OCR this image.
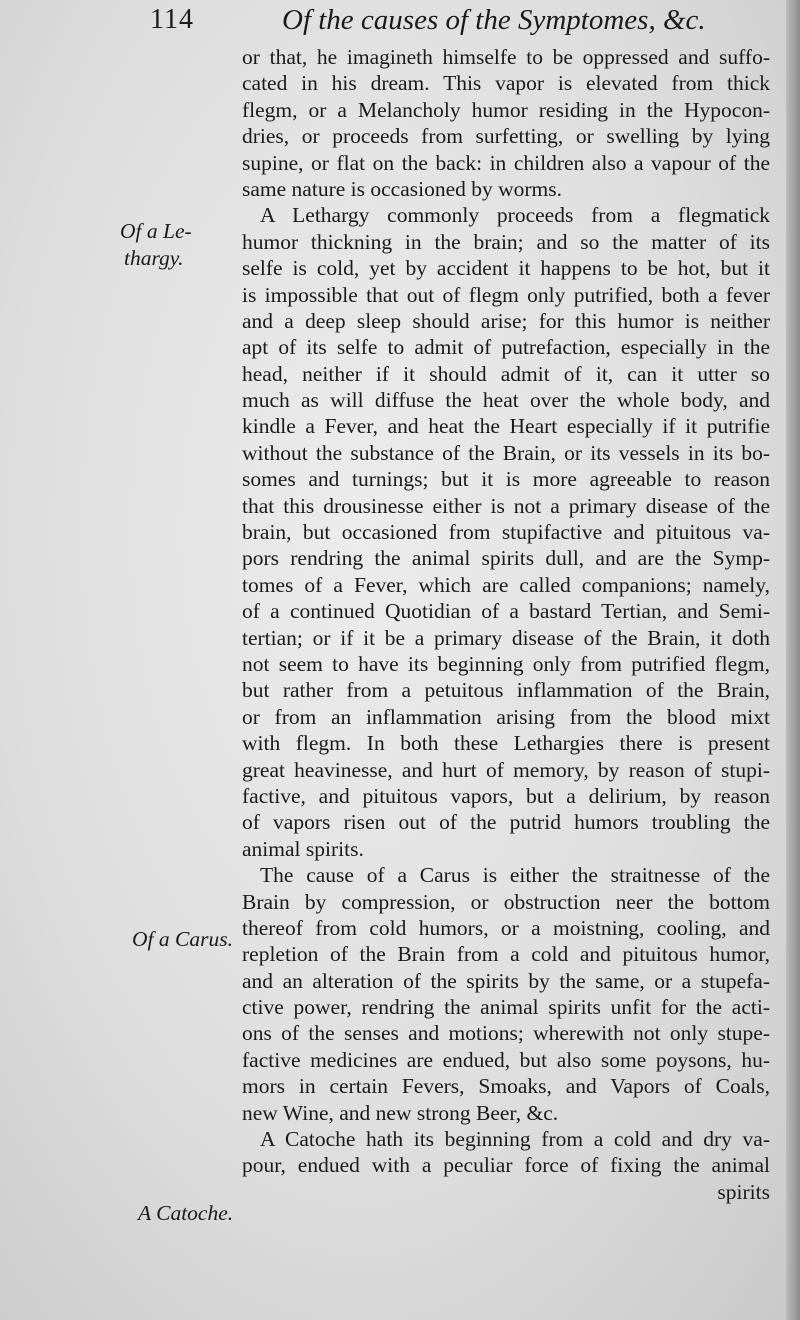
114	Of the causes of the Symptomes, &c.
Of a Le-
thargy.
Of a Carus.
A Catoche.
or that, he imagineth himselfe to be oppressed and suffo-
cated in his dream. This vapor is elevated from thick
flegm, or a Melancholy humor residing in the Hypocon-
dries, or proceeds from surfetting, or swelling by lying
supine, or flat on the back: in children also a vapour of the
same nature is occasioned by worms.
A Lethargy commonly proceeds from a flegmatick
humor thickning in the brain; and so the matter of its
selfe is cold, yet by accident it happens to be hot, but it
is impossible that out of flegm only putrified, both a fever
and a deep sleep should arise; for this humor is neither
apt of its selfe to admit of putrefaction, especially in the
head, neither if it should admit of it, can it utter so
much as will diffuse the heat over the whole body, and
kindle a Fever, and heat the Heart especially if it putrifie
without the substance of the Brain, or its vessels in its bo-
somes and turnings; but it is more agreeable to reason
that this drousinesse either is not a primary disease of the
brain, but occasioned from stupifactive and pituitous va-
pors rendring the animal spirits dull, and are the Symp-
tomes of a Fever, which are called companions; namely,
of a continued Quotidian of a bastard Tertian, and Semi-
tertian; or if it be a primary disease of the Brain, it doth
not seem to have its beginning only from putrified flegm,
but rather from a petuitous inflammation of the Brain,
or from an inflammation arising from the blood mixt
with flegm. In both these Lethargies there is present
great heavinesse, and hurt of memory, by reason of stupi-
factive, and pituitous vapors, but a delirium, by reason
of vapors risen out of the putrid humors troubling the
animal spirits.
The cause of a Carus is either the straitnesse of the
Brain by compression, or obstruction neer the bottom
thereof from cold humors, or a moistning, cooling, and
repletion of the Brain from a cold and pituitous humor,
and an alteration of the spirits by the same, or a stupefa-
ctive power, rendring the animal spirits unfit for the acti-
ons of the senses and motions; wherewith not only stupe-
factive medicines are endued, but also some poysons, hu-
mors in certain Fevers, Smoaks, and Vapors of Coals,
new Wine, and new strong Beer, &c.
A Catoche hath its beginning from a cold and dry va-
pour, endued with a peculiar force of fixing the animal
spirits
